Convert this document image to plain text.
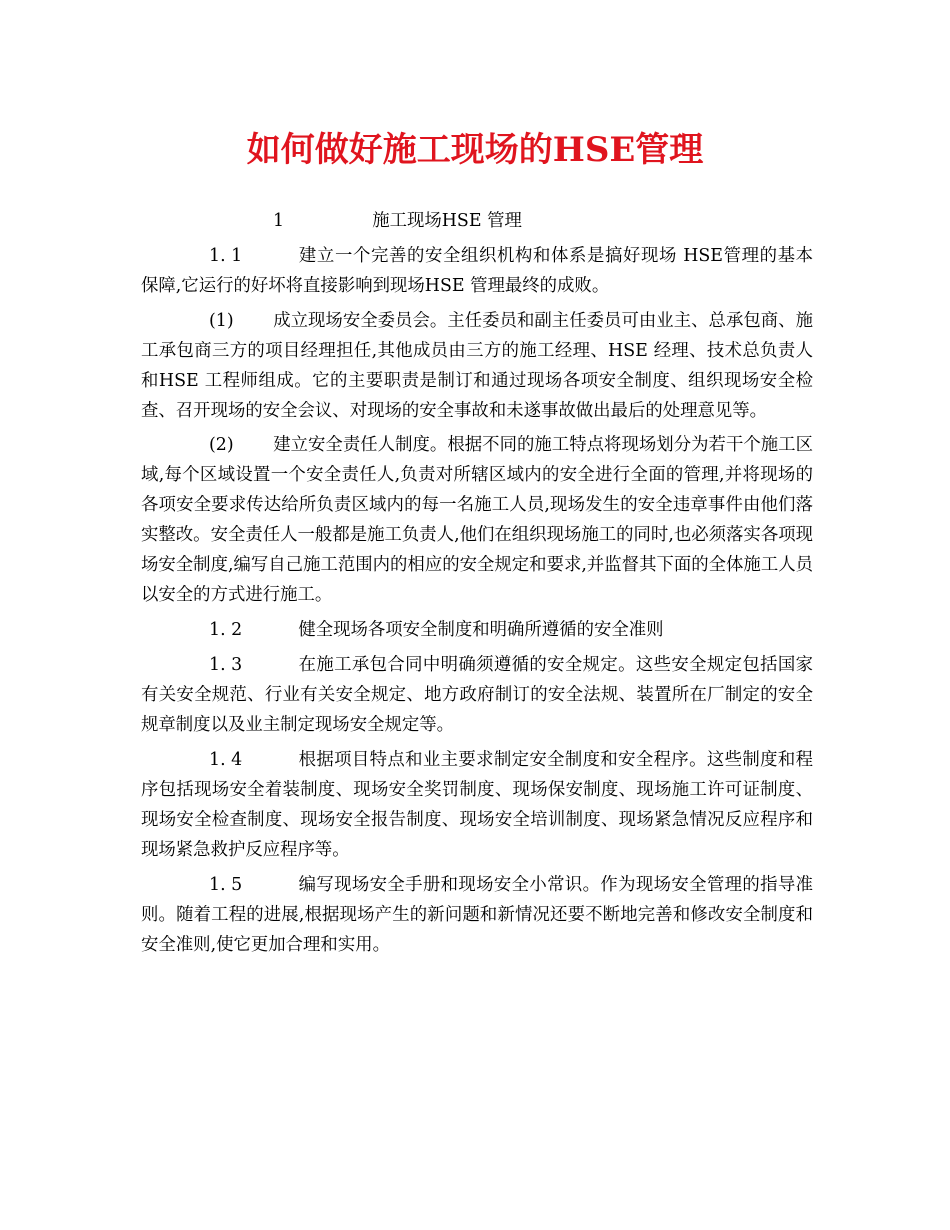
如何做好施工现场的HSE管理

1	施工现场HSE 管理

1. 1	建立一个完善的安全组织机构和体系是搞好现场 HSE管理的基本保障,它运行的好坏将直接影响到现场HSE 管理最终的成败。

(1) 成立现场安全委员会。主任委员和副主任委员可由业主、总承包商、施工承包商三方的项目经理担任,其他成员由三方的施工经理、HSE 经理、技术总负责人和HSE 工程师组成。它的主要职责是制订和通过现场各项安全制度、组织现场安全检查、召开现场的安全会议、对现场的安全事故和未遂事故做出最后的处理意见等。

(2) 建立安全责任人制度。根据不同的施工特点将现场划分为若干个施工区域,每个区域设置一个安全责任人,负责对所辖区域内的安全进行全面的管理,并将现场的各项安全要求传达给所负责区域内的每一名施工人员,现场发生的安全违章事件由他们落实整改。安全责任人一般都是施工负责人,他们在组织现场施工的同时,也必须落实各项现场安全制度,编写自己施工范围内的相应的安全规定和要求,并监督其下面的全体施工人员以安全的方式进行施工。

1. 2	健全现场各项安全制度和明确所遵循的安全准则

1. 3	在施工承包合同中明确须遵循的安全规定。这些安全规定包括国家有关安全规范、行业有关安全规定、地方政府制订的安全法规、装置所在厂制定的安全规章制度以及业主制定现场安全规定等。

1. 4	根据项目特点和业主要求制定安全制度和安全程序。这些制度和程序包括现场安全着装制度、现场安全奖罚制度、现场保安制度、现场施工许可证制度、现场安全检查制度、现场安全报告制度、现场安全培训制度、现场紧急情况反应程序和现场紧急救护反应程序等。

1. 5	编写现场安全手册和现场安全小常识。作为现场安全管理的指导准则。随着工程的进展,根据现场产生的新问题和新情况还要不断地完善和修改安全制度和安全准则,使它更加合理和实用。
